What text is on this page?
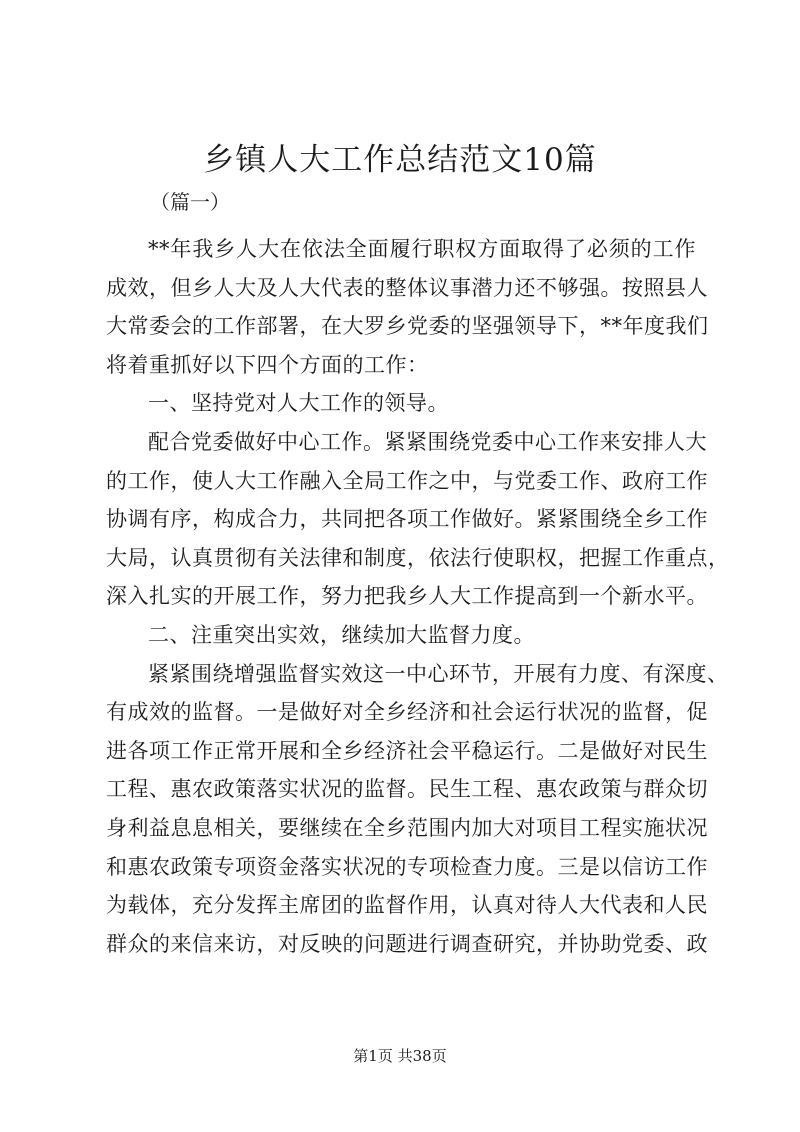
乡镇人大工作总结范文10篇
（篇一）
**年我乡人大在依法全面履行职权方面取得了必须的工作
成效，但乡人大及人大代表的整体议事潜力还不够强。按照县人
大常委会的工作部署，在大罗乡党委的坚强领导下，**年度我们
将着重抓好以下四个方面的工作：
一、坚持党对人大工作的领导。
配合党委做好中心工作。紧紧围绕党委中心工作来安排人大
的工作，使人大工作融入全局工作之中，与党委工作、政府工作
协调有序，构成合力，共同把各项工作做好。紧紧围绕全乡工作
大局，认真贯彻有关法律和制度，依法行使职权，把握工作重点，
深入扎实的开展工作，努力把我乡人大工作提高到一个新水平。
二、注重突出实效，继续加大监督力度。
紧紧围绕增强监督实效这一中心环节，开展有力度、有深度、
有成效的监督。一是做好对全乡经济和社会运行状况的监督，促
进各项工作正常开展和全乡经济社会平稳运行。二是做好对民生
工程、惠农政策落实状况的监督。民生工程、惠农政策与群众切
身利益息息相关，要继续在全乡范围内加大对项目工程实施状况
和惠农政策专项资金落实状况的专项检查力度。三是以信访工作
为载体，充分发挥主席团的监督作用，认真对待人大代表和人民
群众的来信来访，对反映的问题进行调查研究，并协助党委、政
第1页 共38页
